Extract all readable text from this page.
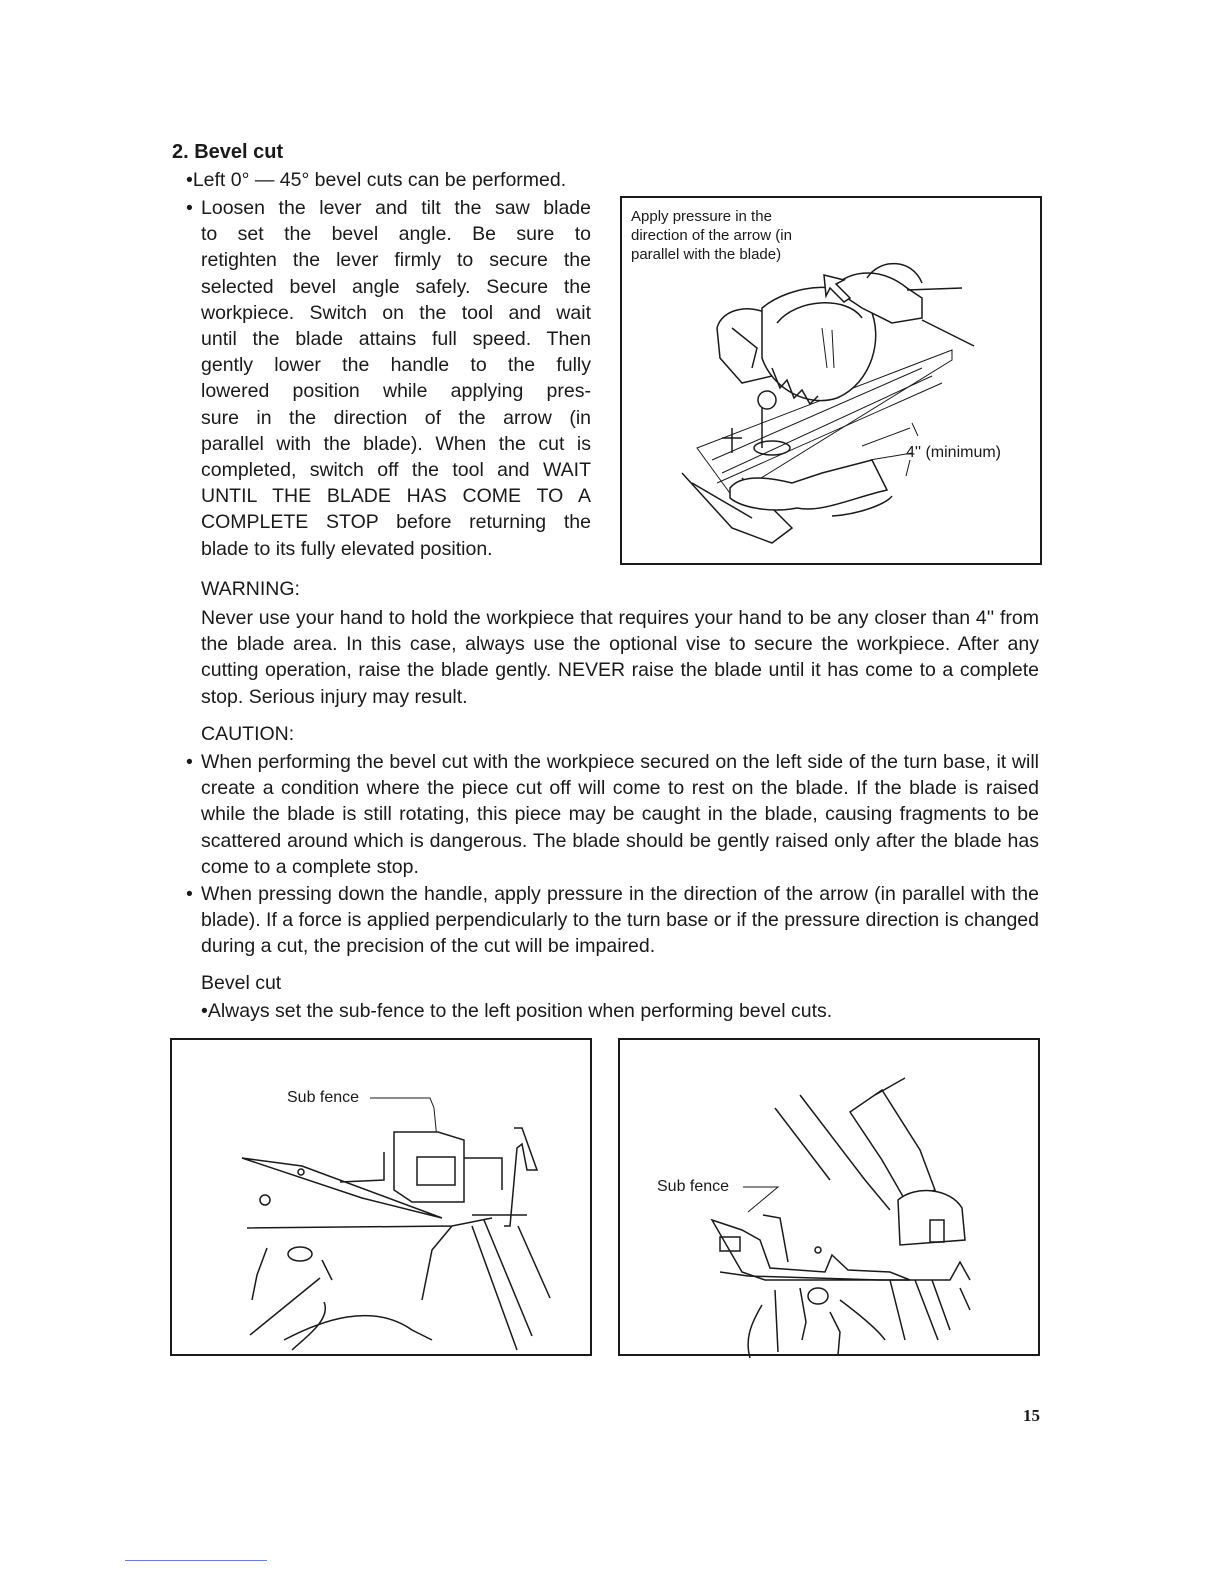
2. Bevel cut
•Left 0° — 45° bevel cuts can be performed.
• Loosen the lever and tilt the saw blade
to set the bevel angle. Be sure to
retighten the lever firmly to secure the
selected bevel angle safely. Secure the
workpiece. Switch on the tool and wait
until the blade attains full speed. Then
gently lower the handle to the fully
lowered position while applying pres-
sure in the direction of the arrow (in
parallel with the blade). When the cut is
completed, switch off the tool and WAIT
UNTIL THE BLADE HAS COME TO A
COMPLETE STOP before returning the
blade to its fully elevated position.
Apply pressure in the
direction of the arrow (in
parallel with the blade)
4'' (minimum)
WARNING:
Never use your hand to hold the workpiece that requires your hand to be any closer than 4'' from the blade area. In this case, always use the optional vise to secure the workpiece. After any cutting operation, raise the blade gently. NEVER raise the blade until it has come to a complete stop. Serious injury may result.
CAUTION:
• When performing the bevel cut with the workpiece secured on the left side of the turn base, it will create a condition where the piece cut off will come to rest on the blade. If the blade is raised while the blade is still rotating, this piece may be caught in the blade, causing fragments to be scattered around which is dangerous. The blade should be gently raised only after the blade has come to a complete stop.
• When pressing down the handle, apply pressure in the direction of the arrow (in parallel with the blade). If a force is applied perpendicularly to the turn base or if the pressure direction is changed during a cut, the precision of the cut will be impaired.
Bevel cut
•Always set the sub-fence to the left position when performing bevel cuts.
Sub fence
Sub fence
15
